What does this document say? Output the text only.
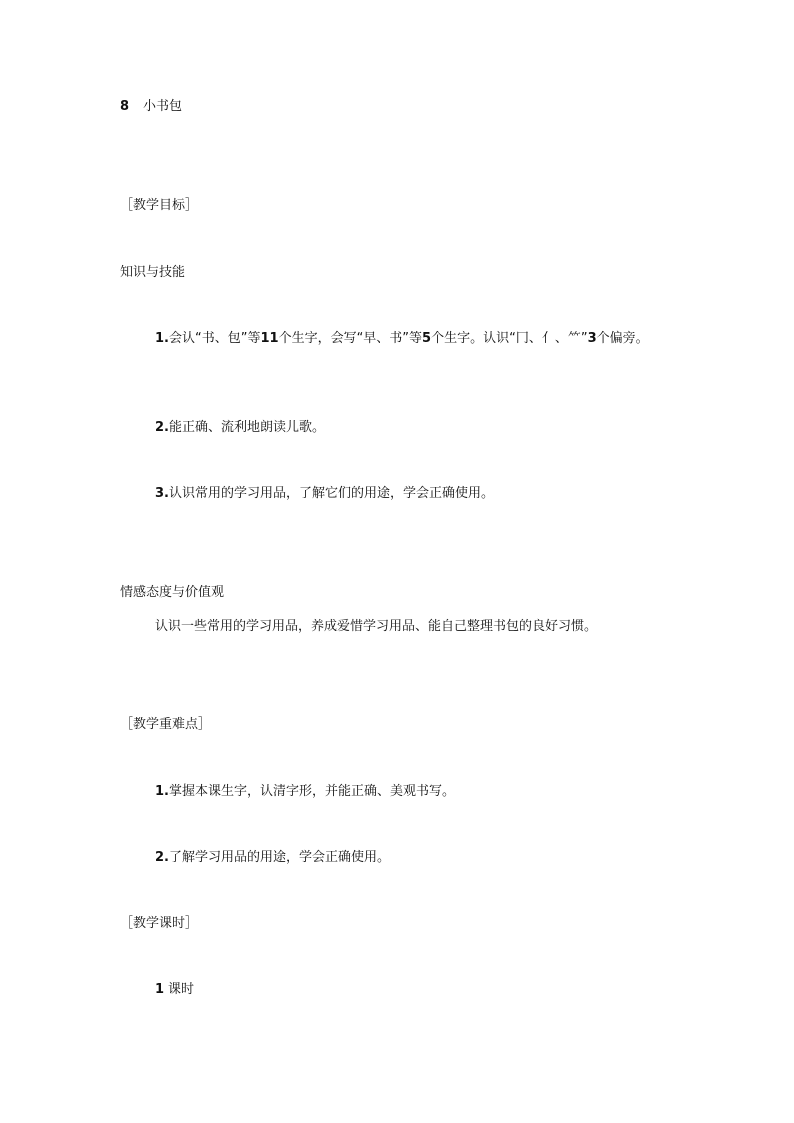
8 小书包
［教学目标］
知识与技能
1.会认“书、包”等11个生字，会写“早、书”等5个生字。认识“冂、亻、⺮”3个偏旁。
2.能正确、流利地朗读儿歌。
3.认识常用的学习用品，了解它们的用途，学会正确使用。
情感态度与价值观
认识一些常用的学习用品，养成爱惜学习用品、能自己整理书包的良好习惯。
［教学重难点］
1.掌握本课生字，认清字形，并能正确、美观书写。
2.了解学习用品的用途，学会正确使用。
［教学课时］
1 课时
